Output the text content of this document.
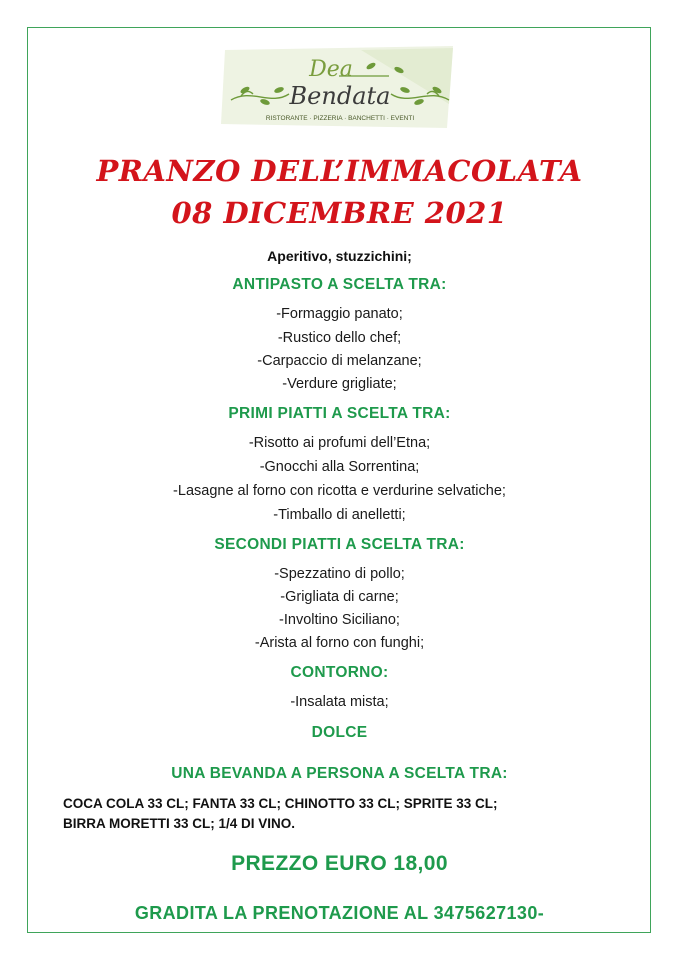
Dea
Bendata
RISTORANTE · PIZZERIA · BANCHETTI · EVENTI
PRANZO DELL’IMMACOLATA
08 DICEMBRE 2021
Aperitivo, stuzzichini;
ANTIPASTO A SCELTA TRA:
-Formaggio panato;
-Rustico dello chef;
-Carpaccio di melanzane;
-Verdure grigliate;
PRIMI PIATTI A SCELTA TRA:
-Risotto ai profumi dell’Etna;
-Gnocchi alla Sorrentina;
-Lasagne al forno con ricotta e verdurine selvatiche;
-Timballo di anelletti;
SECONDI PIATTI A SCELTA TRA:
-Spezzatino di pollo;
-Grigliata di carne;
-Involtino Siciliano;
-Arista al forno con funghi;
CONTORNO:
-Insalata mista;
DOLCE
UNA BEVANDA A PERSONA A SCELTA TRA:
COCA COLA 33 CL; FANTA 33 CL; CHINOTTO 33 CL; SPRITE 33 CL;
BIRRA MORETTI 33 CL; 1/4 DI VINO.
PREZZO EURO 18,00
GRADITA LA PRENOTAZIONE AL 3475627130-
